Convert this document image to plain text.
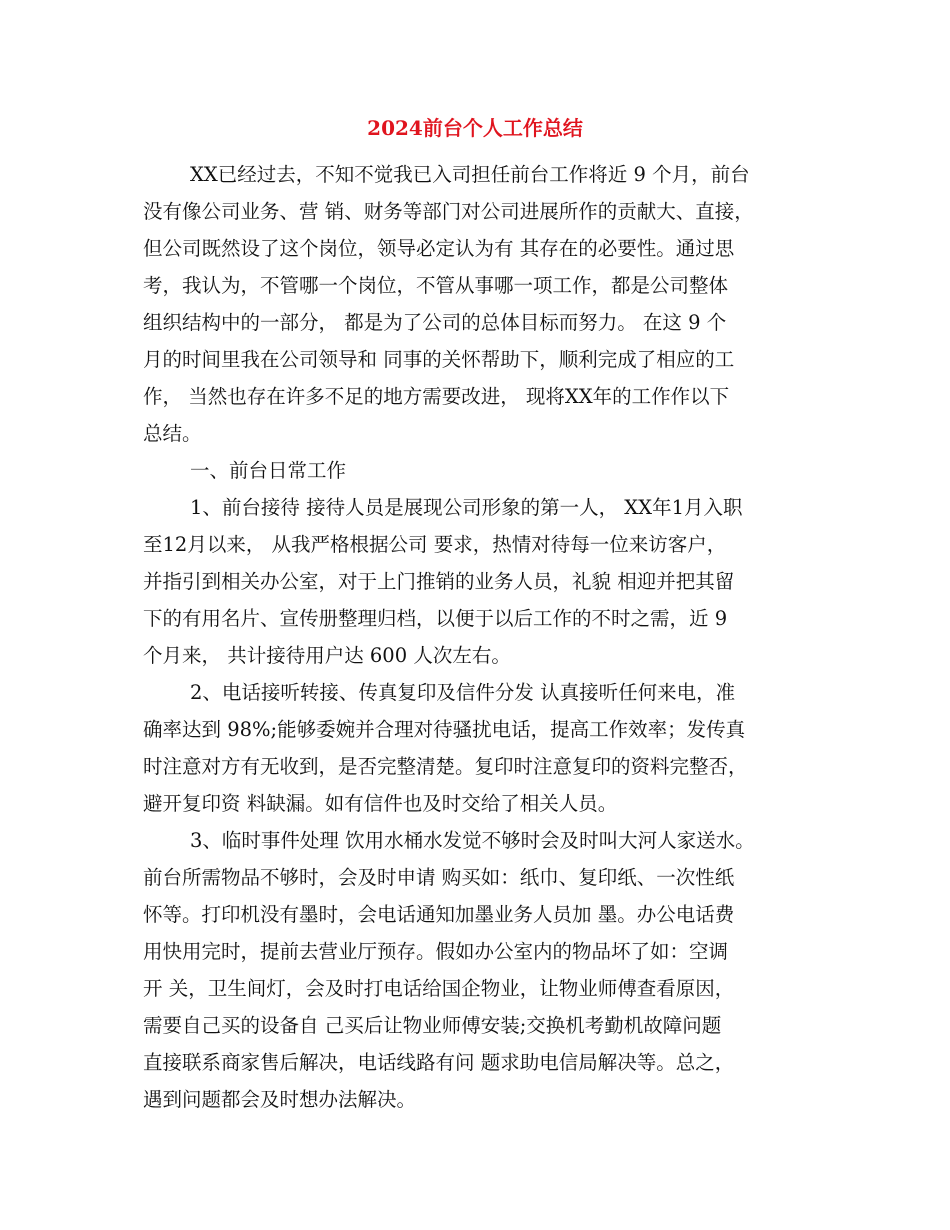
2024前台个人工作总结
XX已经过去，不知不觉我已入司担任前台工作将近 9 个月，前台
没有像公司业务、营 销、财务等部门对公司进展所作的贡献大、直接，
但公司既然设了这个岗位，领导必定认为有 其存在的必要性。通过思
考，我认为，不管哪一个岗位，不管从事哪一项工作，都是公司整体
组织结构中的一部分， 都是为了公司的总体目标而努力。 在这 9 个
月的时间里我在公司领导和 同事的关怀帮助下，顺利完成了相应的工
作， 当然也存在许多不足的地方需要改进， 现将XX年的工作作以下
总结。
一、前台日常工作
1、前台接待 接待人员是展现公司形象的第一人， XX年1月入职
至12月以来， 从我严格根据公司 要求，热情对待每一位来访客户，
并指引到相关办公室，对于上门推销的业务人员，礼貌 相迎并把其留
下的有用名片、宣传册整理归档，以便于以后工作的不时之需，近 9
个月来， 共计接待用户达 600 人次左右。
2、电话接听转接、传真复印及信件分发 认真接听任何来电，准
确率达到 98%;能够委婉并合理对待骚扰电话，提高工作效率；发传真
时注意对方有无收到，是否完整清楚。复印时注意复印的资料完整否，
避开复印资 料缺漏。如有信件也及时交给了相关人员。
3、临时事件处理 饮用水桶水发觉不够时会及时叫大河人家送水。
前台所需物品不够时，会及时申请 购买如：纸巾、复印纸、一次性纸
怀等。打印机没有墨时，会电话通知加墨业务人员加 墨。办公电话费
用快用完时，提前去营业厅预存。假如办公室内的物品坏了如：空调
开 关，卫生间灯，会及时打电话给国企物业，让物业师傅查看原因，
需要自己买的设备自 己买后让物业师傅安装;交换机考勤机故障问题
直接联系商家售后解决，电话线路有问 题求助电信局解决等。总之，
遇到问题都会及时想办法解决。
